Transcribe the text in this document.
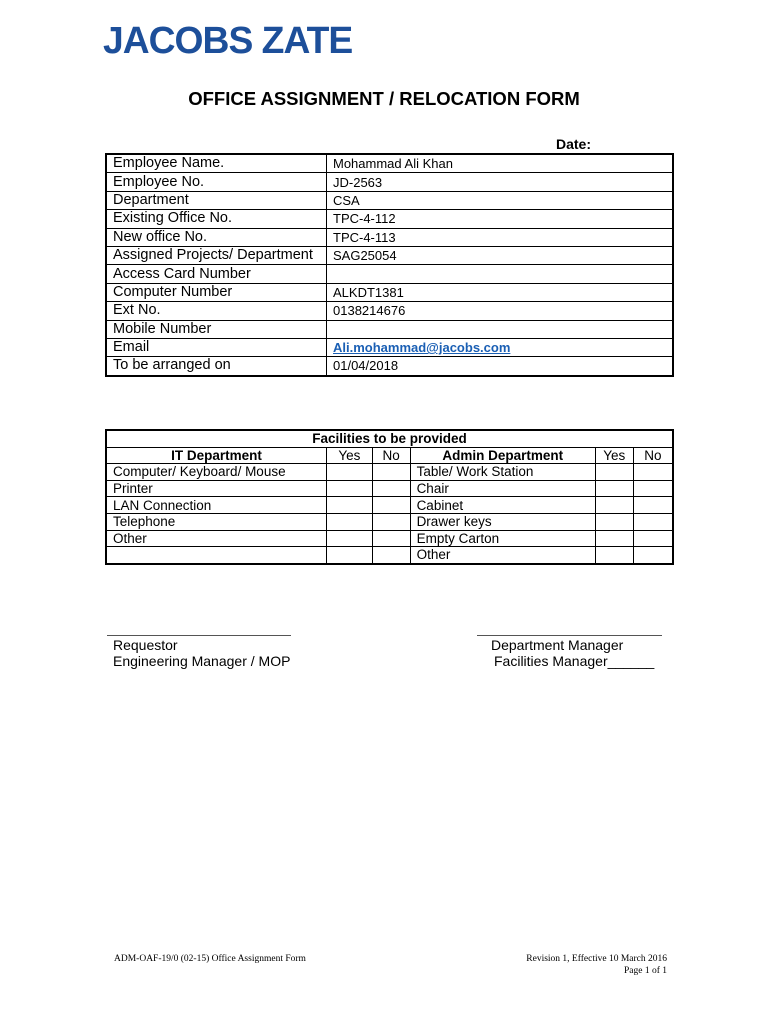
JACOBS ZATE
OFFICE ASSIGNMENT / RELOCATION FORM
Date:
Employee Name.	Mohammad Ali Khan
Employee No.	JD-2563
Department	CSA
Existing Office No.	TPC-4-112
New office No.	TPC-4-113
Assigned Projects/ Department	SAG25054
Access Card Number	
Computer Number	ALKDT1381
Ext No.	0138214676
Mobile Number	
Email	Ali.mohammad@jacobs.com
To be arranged on	01/04/2018
Facilities to be provided					
IT Department	Yes	No	Admin Department	Yes	No
Computer/ Keyboard/ Mouse			Table/ Work Station		
Printer			Chair		
LAN Connection			Cabinet		
Telephone			Drawer keys		
Other			Empty Carton		
			Other		
Requestor
Engineering Manager / MOP
Department Manager
Facilities Manager______
ADM-OAF-19/0 (02-15) Office Assignment Form	Revision 1, Effective 10 March 2016
Page 1 of 1
